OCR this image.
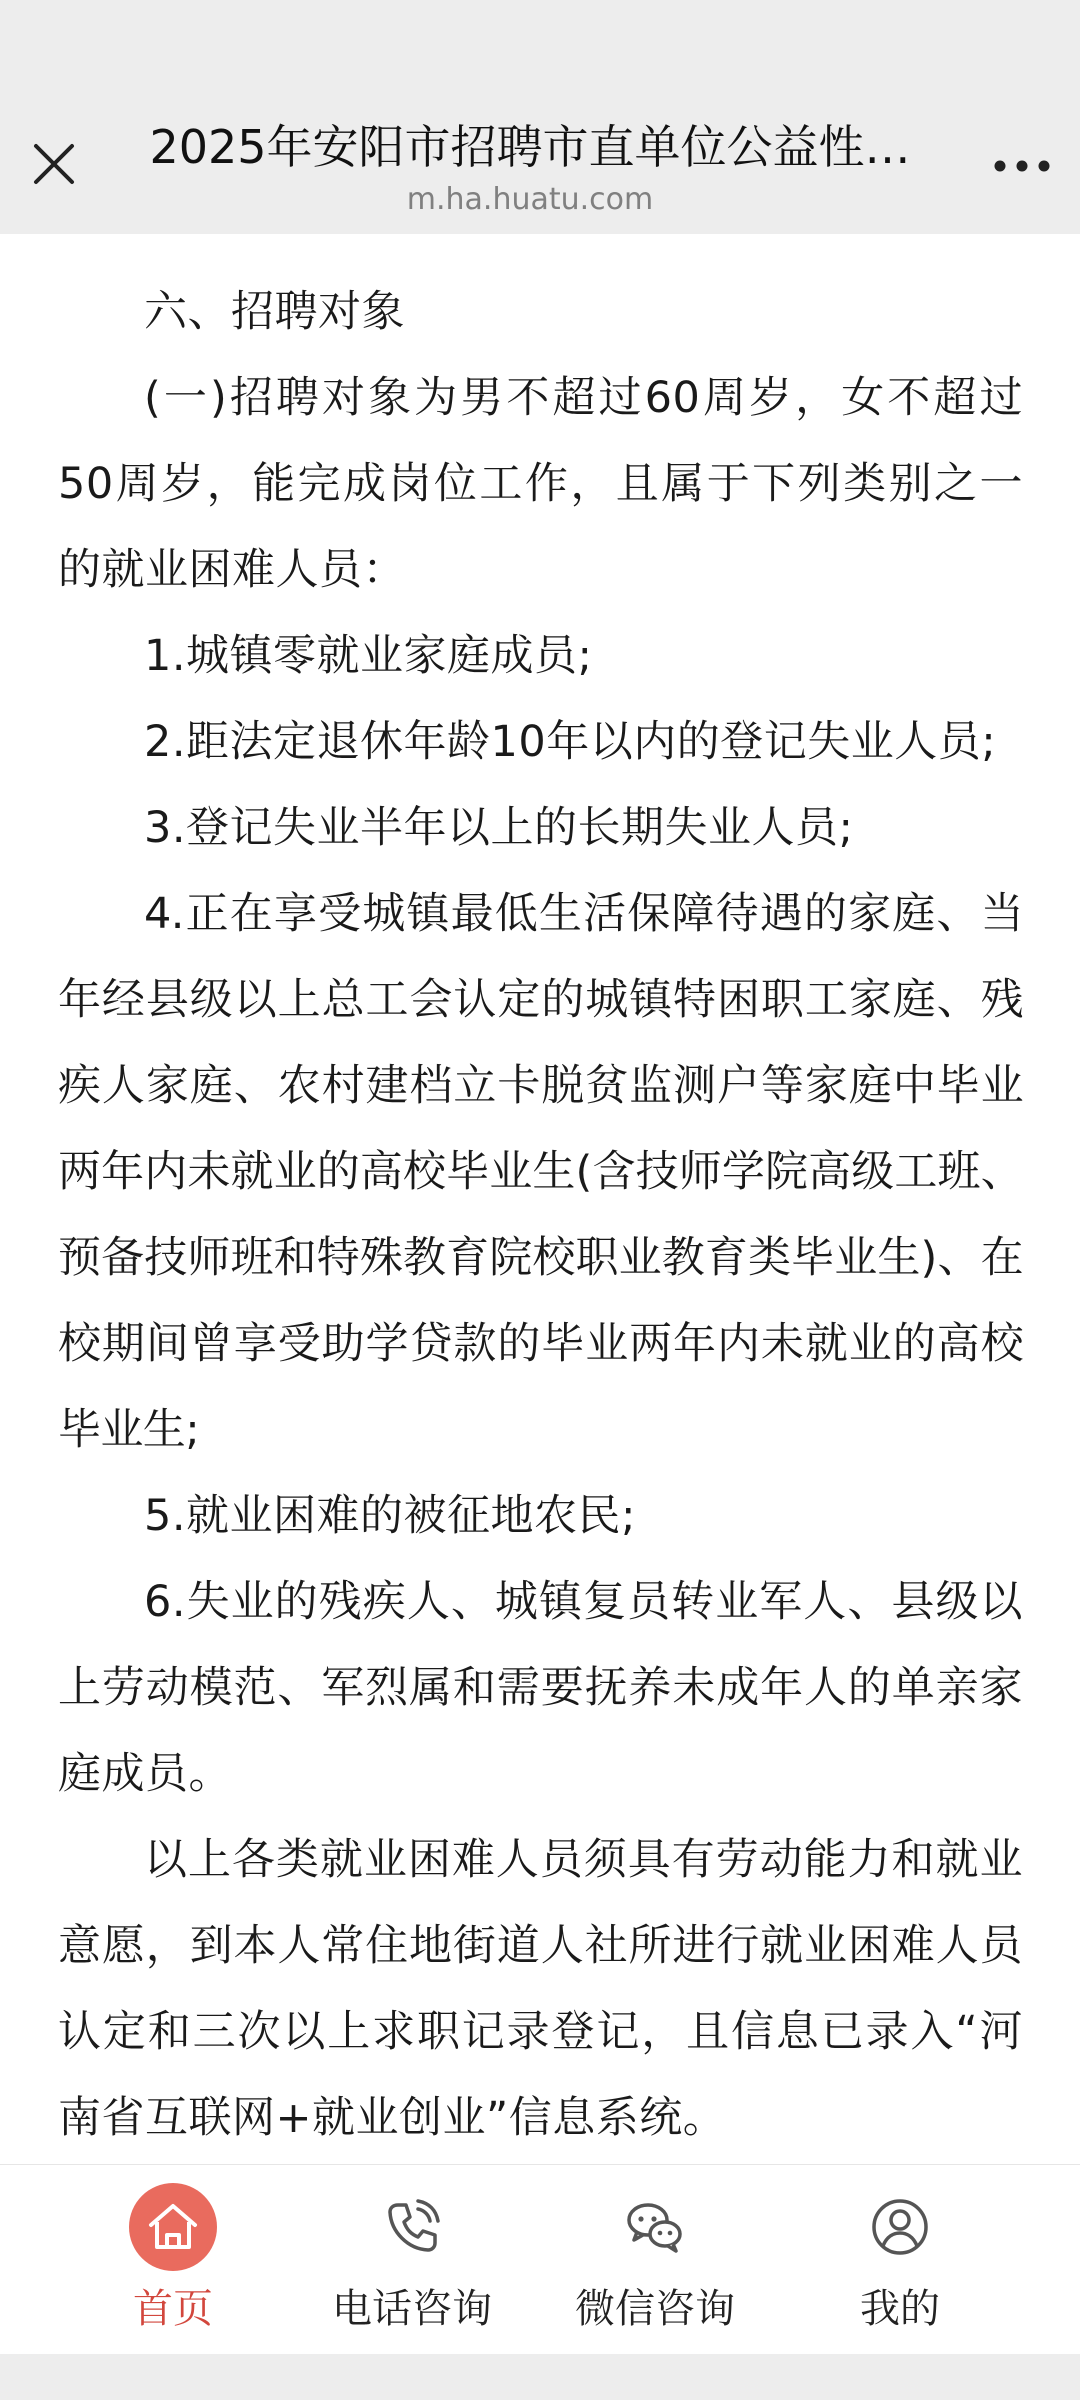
2025年安阳市招聘市直单位公益性…
m.ha.huatu.com

六、招聘对象

(一)招聘对象为男不超过60周岁，女不超过50周岁，能完成岗位工作，且属于下列类别之一的就业困难人员：

1.城镇零就业家庭成员;

2.距法定退休年龄10年以内的登记失业人员;

3.登记失业半年以上的长期失业人员;

4.正在享受城镇最低生活保障待遇的家庭、当年经县级以上总工会认定的城镇特困职工家庭、残疾人家庭、农村建档立卡脱贫监测户等家庭中毕业两年内未就业的高校毕业生(含技师学院高级工班、预备技师班和特殊教育院校职业教育类毕业生)、在校期间曾享受助学贷款的毕业两年内未就业的高校毕业生;

5.就业困难的被征地农民;

6.失业的残疾人、城镇复员转业军人、县级以上劳动模范、军烈属和需要抚养未成年人的单亲家庭成员。

以上各类就业困难人员须具有劳动能力和就业意愿，到本人常住地街道人社所进行就业困难人员认定和三次以上求职记录登记，且信息已录入“河南省互联网+就业创业”信息系统。

首页	电话咨询	微信咨询	我的
